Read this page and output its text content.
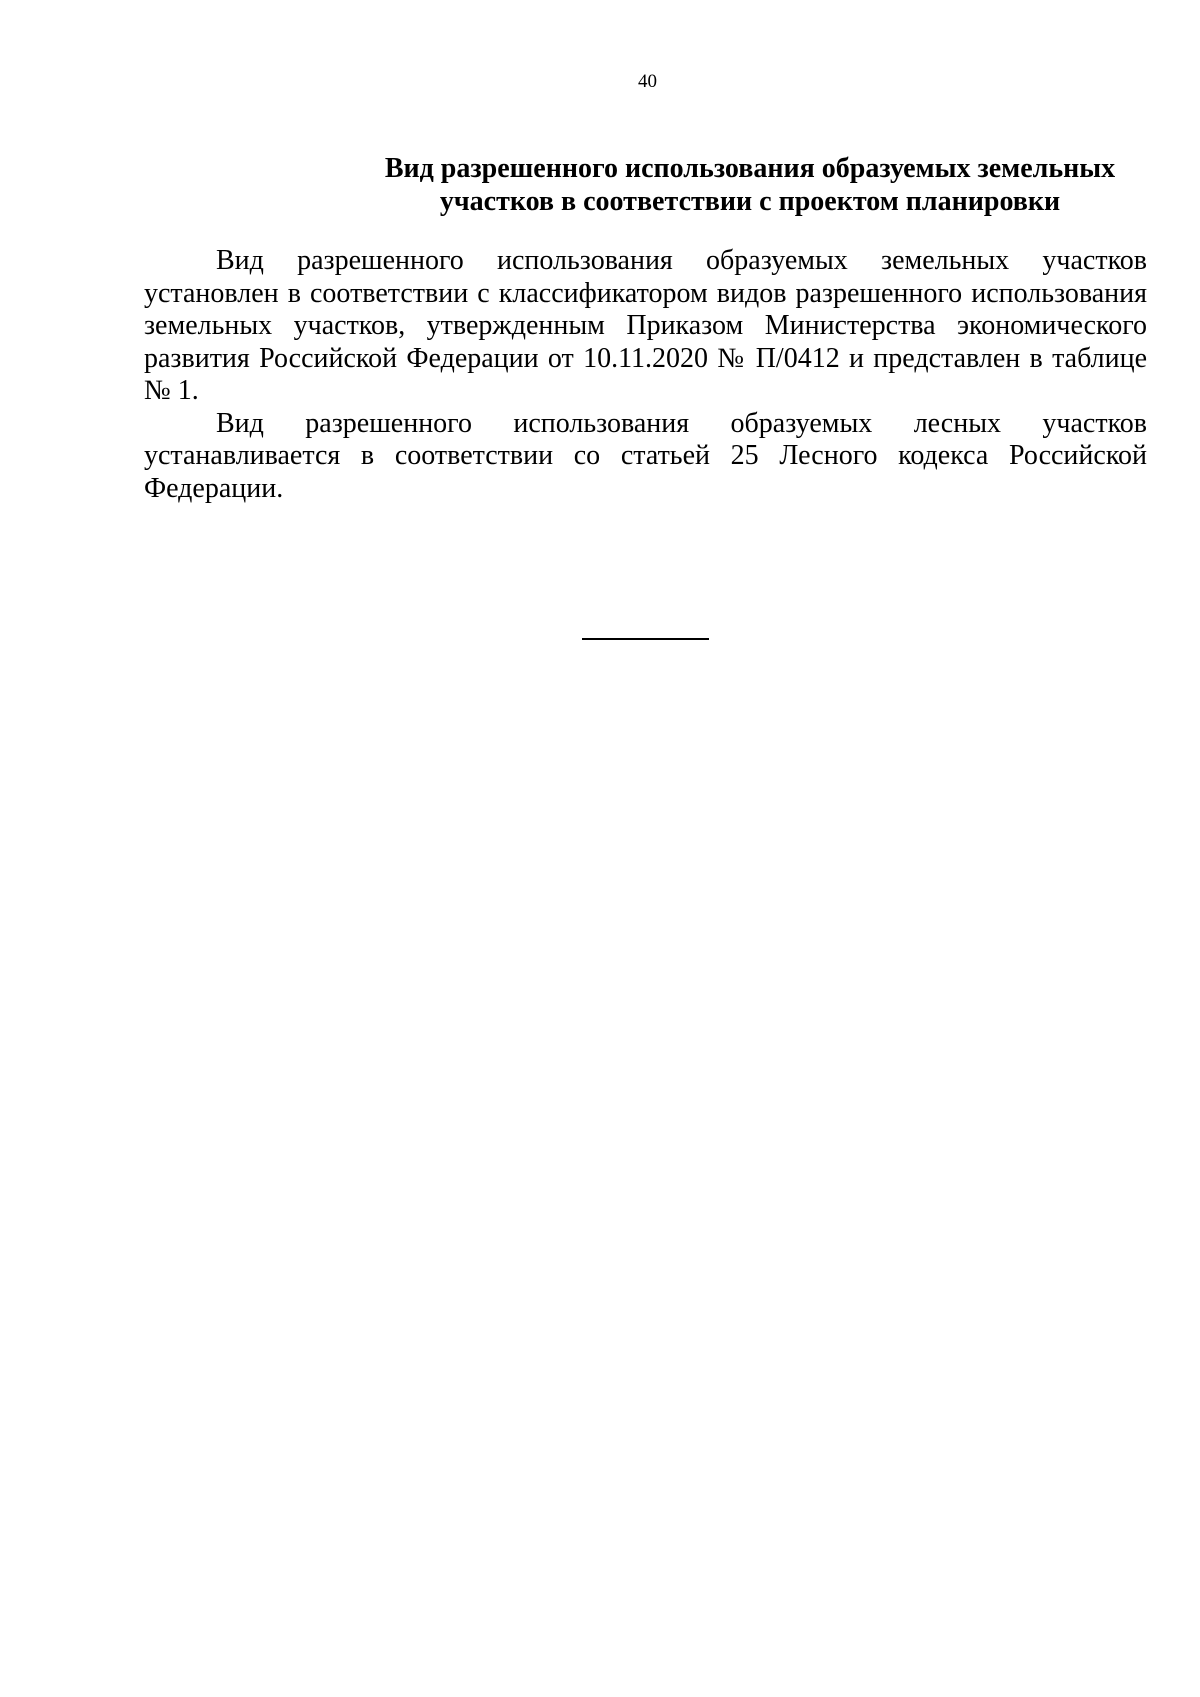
40
Вид разрешенного использования образуемых земельных
участков в соответствии с проектом планировки

Вид разрешенного использования образуемых земельных участков установлен в соответствии с классификатором видов разрешенного использования земельных участков, утвержденным Приказом Министерства экономического развития Российской Федерации от 10.11.2020 № П/0412 и представлен в таблице № 1.

Вид разрешенного использования образуемых лесных участков устанавливается в соответствии со статьей 25 Лесного кодекса Российской Федерации.
